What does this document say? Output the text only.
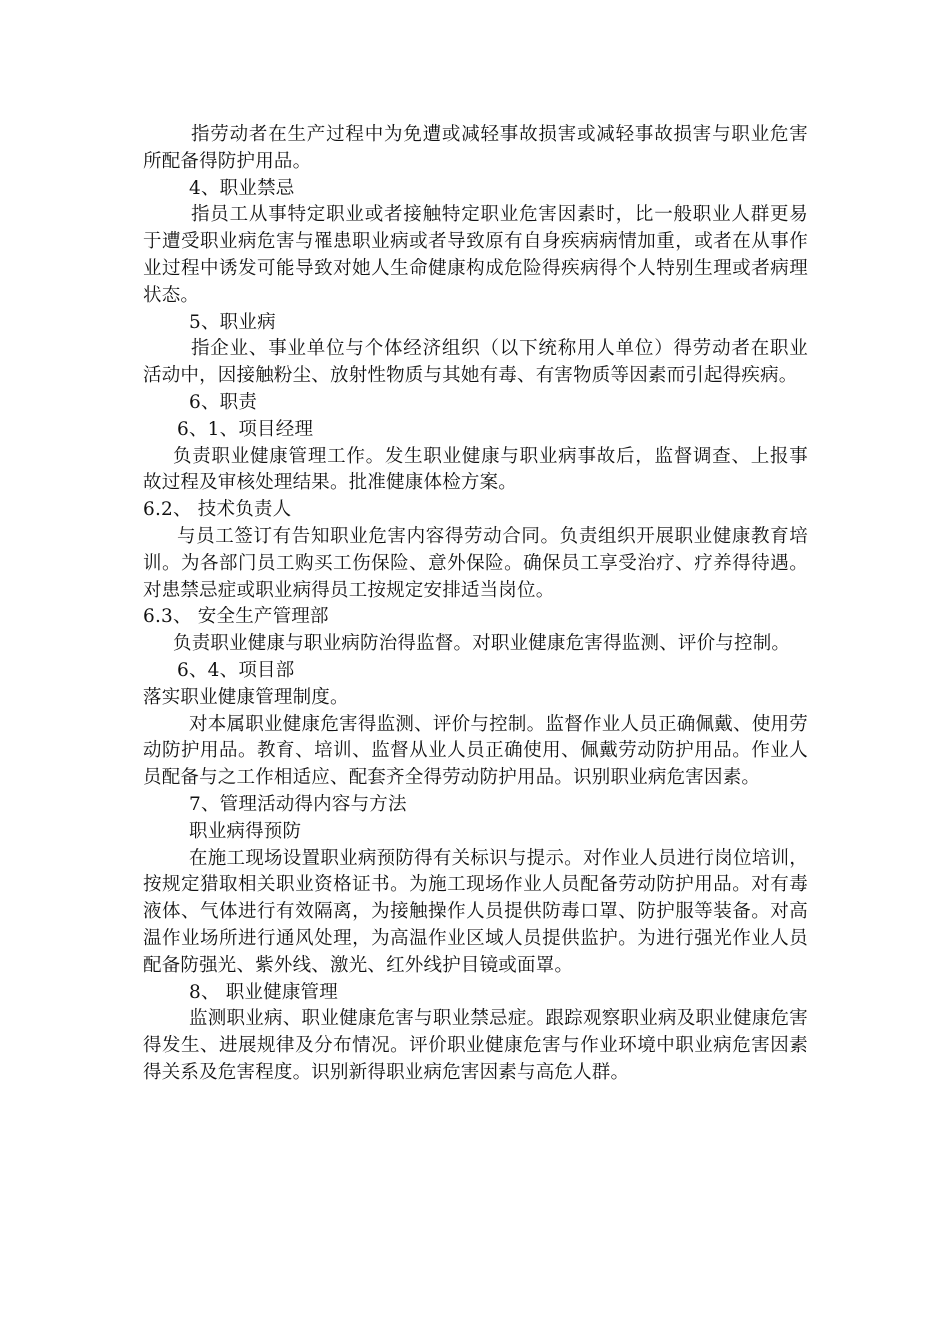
指劳动者在生产过程中为免遭或减轻事故损害或减轻事故损害与职业危害所配备得防护用品。

4、职业禁忌

指员工从事特定职业或者接触特定职业危害因素时，比一般职业人群更易于遭受职业病危害与罹患职业病或者导致原有自身疾病病情加重，或者在从事作业过程中诱发可能导致对她人生命健康构成危险得疾病得个人特别生理或者病理状态。

5、职业病

指企业、事业单位与个体经济组织（以下统称用人单位）得劳动者在职业活动中，因接触粉尘、放射性物质与其她有毒、有害物质等因素而引起得疾病。

6、职责

6、1、项目经理

负责职业健康管理工作。发生职业健康与职业病事故后，监督调查、上报事故过程及审核处理结果。批准健康体检方案。

6.2、 技术负责人

与员工签订有告知职业危害内容得劳动合同。负责组织开展职业健康教育培训。为各部门员工购买工伤保险、意外保险。确保员工享受治疗、疗养得待遇。对患禁忌症或职业病得员工按规定安排适当岗位。

6.3、 安全生产管理部

负责职业健康与职业病防治得监督。对职业健康危害得监测、评价与控制。

6、4、项目部

落实职业健康管理制度。

对本属职业健康危害得监测、评价与控制。监督作业人员正确佩戴、使用劳动防护用品。教育、培训、监督从业人员正确使用、佩戴劳动防护用品。作业人员配备与之工作相适应、配套齐全得劳动防护用品。识别职业病危害因素。

7、管理活动得内容与方法

职业病得预防

在施工现场设置职业病预防得有关标识与提示。对作业人员进行岗位培训，按规定猎取相关职业资格证书。为施工现场作业人员配备劳动防护用品。对有毒液体、气体进行有效隔离，为接触操作人员提供防毒口罩、防护服等装备。对高温作业场所进行通风处理，为高温作业区域人员提供监护。为进行强光作业人员配备防强光、紫外线、激光、红外线护目镜或面罩。

8、 职业健康管理

监测职业病、职业健康危害与职业禁忌症。跟踪观察职业病及职业健康危害得发生、进展规律及分布情况。评价职业健康危害与作业环境中职业病危害因素得关系及危害程度。识别新得职业病危害因素与高危人群。
